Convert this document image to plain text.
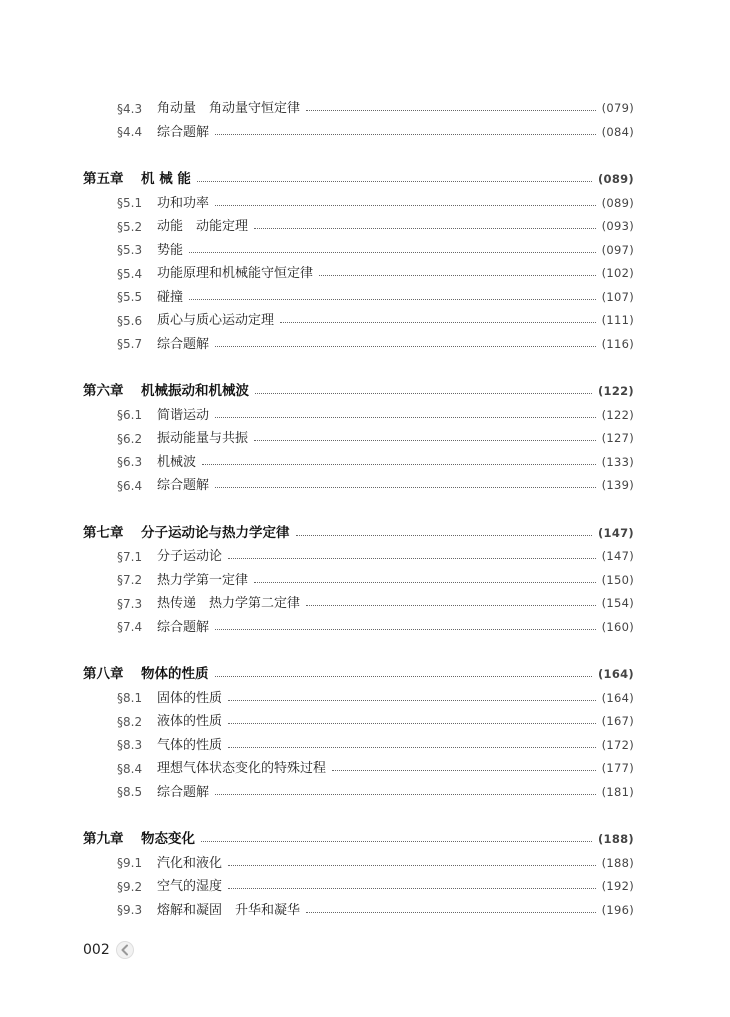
§4.3	角动量　角动量守恒定律	(079)
§4.4	综合题解	(084)
第五章	机 械 能	(089)
§5.1	功和功率	(089)
§5.2	动能　动能定理	(093)
§5.3	势能	(097)
§5.4	功能原理和机械能守恒定律	(102)
§5.5	碰撞	(107)
§5.6	质心与质心运动定理	(111)
§5.7	综合题解	(116)
第六章	机械振动和机械波	(122)
§6.1	简谐运动	(122)
§6.2	振动能量与共振	(127)
§6.3	机械波	(133)
§6.4	综合题解	(139)
第七章	分子运动论与热力学定律	(147)
§7.1	分子运动论	(147)
§7.2	热力学第一定律	(150)
§7.3	热传递　热力学第二定律	(154)
§7.4	综合题解	(160)
第八章	物体的性质	(164)
§8.1	固体的性质	(164)
§8.2	液体的性质	(167)
§8.3	气体的性质	(172)
§8.4	理想气体状态变化的特殊过程	(177)
§8.5	综合题解	(181)
第九章	物态变化	(188)
§9.1	汽化和液化	(188)
§9.2	空气的湿度	(192)
§9.3	熔解和凝固　升华和凝华	(196)
002
